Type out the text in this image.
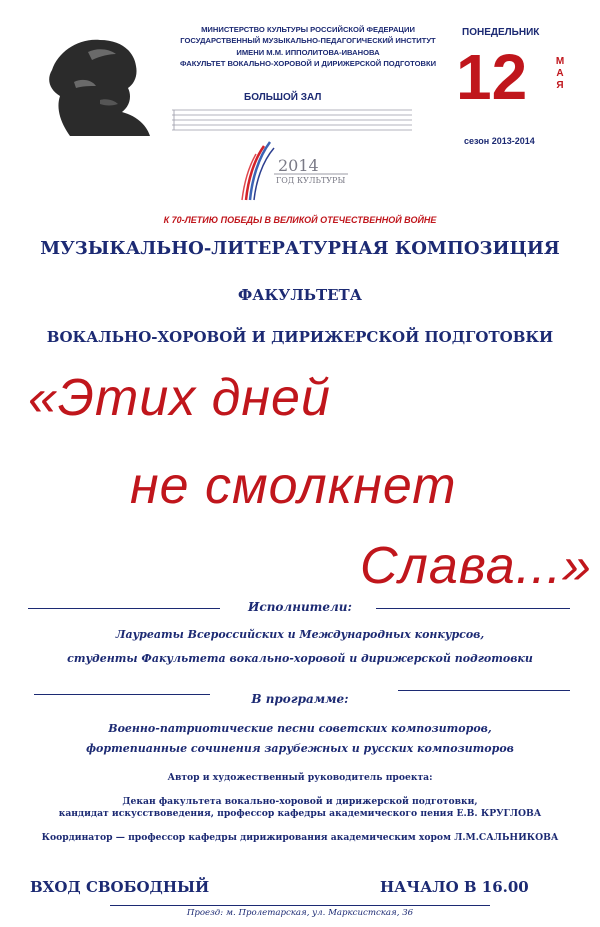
МИНИСТЕРСТВО КУЛЬТУРЫ РОССИЙСКОЙ ФЕДЕРАЦИИ
ГОСУДАРСТВЕННЫЙ МУЗЫКАЛЬНО-ПЕДАГОГИЧЕСКИЙ ИНСТИТУТ
ИМЕНИ М.М. ИППОЛИТОВА-ИВАНОВА
ФАКУЛЬТЕТ ВОКАЛЬНО-ХОРОВОЙ И ДИРИЖЕРСКОЙ ПОДГОТОВКИ
БОЛЬШОЙ ЗАЛ
2014
ГОД КУЛЬТУРЫ
ПОНЕДЕЛЬНИК
12	М
А
Я
сезон 2013-2014
К 70-ЛЕТИЮ ПОБЕДЫ В ВЕЛИКОЙ ОТЕЧЕСТВЕННОЙ ВОЙНЕ
МУЗЫКАЛЬНО-ЛИТЕРАТУРНАЯ КОМПОЗИЦИЯ
ФАКУЛЬТЕТА
ВОКАЛЬНО-ХОРОВОЙ И ДИРИЖЕРСКОЙ ПОДГОТОВКИ
«Этих дней
не смолкнет
Слава...»
Исполнители:
Лауреаты Всероссийских и Международных конкурсов,
студенты Факультета вокально-хоровой и дирижерской подготовки
В программе:
Военно-патриотические песни советских композиторов,
фортепианные сочинения зарубежных и русских композиторов
Автор и художественный руководитель проекта:
Декан факультета вокально-хоровой и дирижерской подготовки,
кандидат искусствоведения, профессор кафедры академического пения Е.В. КРУГЛОВА
Координатор — профессор кафедры дирижирования академическим хором Л.М.САЛЬНИКОВА
ВХОД СВОБОДНЫЙ	НАЧАЛО В 16.00
Проезд: м. Пролетарская, ул. Марксистская, 36
